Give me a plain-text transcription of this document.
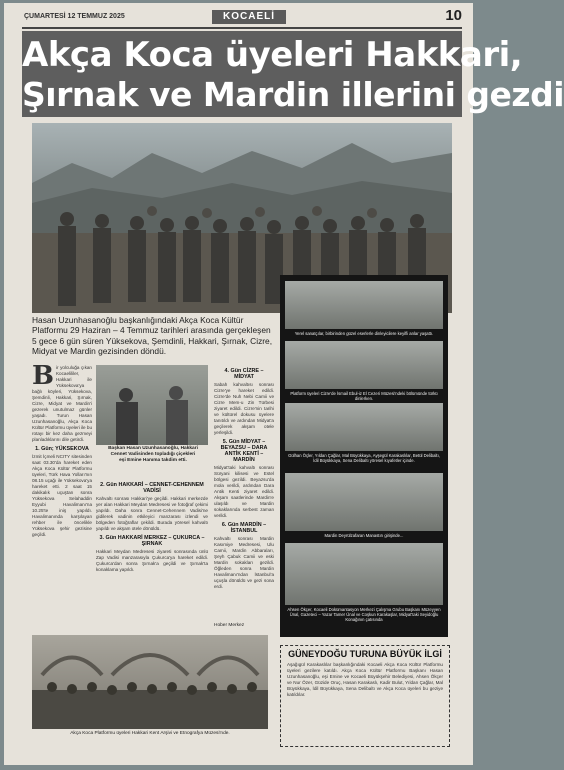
ÇUMARTESİ 12 TEMMUZ 2025	KOCAELİ	10
Akça Koca üyeleri Hakkari,
Şırnak ve Mardin illerini gezdi
Hasan Uzunhasanoğlu başkanlığındaki Akça Koca Kültür Platformu 29 Haziran – 4 Temmuz tarihleri arasında gerçekleşen 5 gece 6 gün süren Yüksekova, Şemdinli, Hakkari, Şırnak, Cizre, Midyat ve Mardin gezisinden döndü.

Bir yolculuğa çıkan Kocaelililer, Hakkari ile Yüksekova'ya bağlı köyleri, Yüksekova, Şemdinli, Hakkari, Şırnak, Cizre, Midyat ve Mardin'i gezerek unutulmaz günler yaşadı. Turun Hasan Uzunhasanoğlu, Akça Koca Kültür Platformu üyeleri ile bu rotayı bir kez daha gezmeyi planladıklarını dile getirdi.

1. Gün; YÜKSEKOVA

İzmit İçmeli NCITY sitesinden saat 03.30'da hareket eden Akça Koca Kültür Platformu üyeleri, Türk Hava Yolları'nın 08.15 uçağı ile Yüksekova'ya hareket etti. 2 saat 15 dakikalık uçuştan sonra Yüksekova Selahaddin Eyyubi Havalimanı'na 10.25'te iniş yapıldı. Havalimanında karşılayan rehber ile öncelikle Yüksekova şehir gezisine geçildi.

Başkan Hasan Uzunhasanoğlu, Hakkari Cennet Vadisinden topladığı çiçekleri eşi Emine Hanıma takdim etti.
2. Gün HAKKARİ – CENNET-CEHENNEM VADİSİ

Kahvaltı sonrası Hakkari'ye geçildi. Hakkari merkezde yer alan Hakkari Meydan Medresesi ve fotoğraf çekimi yapıldı. Daha sonra Cennet-Cehennem Vadisi'ne gidilerek vadinin etkileyici manzarası izlendi ve bölgeden fotoğraflar çekildi. Burada yöresel kahvaltı yapıldı ve akşam otele dönüldü.

3. Gün HAKKARİ MERKEZ – ÇUKURCA – ŞIRNAK

Hakkari Meydan Medresesi ziyareti sonrasında ünlü Zap Vadisi manzarasıyla Çukurca'ya hareket edildi. Çukurca'dan sonra Şırnak'a geçildi ve Şırnak'ta konaklama yapıldı.

4. Gün CİZRE – MİDYAT

Sabah kahvaltısı sonrası Cizre'ye hareket edildi. Cizre'de Nuh Nebi Camii ve Cizre Mem-u Zin Türbesi ziyaret edildi. Cizre'nin tarihi ve kültürel dokusu üyelere tanıtıldı ve ardından Midyat'a geçilerek akşam otele yerleşildi.

5. Gün MİDYAT – BEYAZSU – DARA ANTİK KENTİ – MARDİN

Midyat'taki kahvaltı sonrası Süryani kilisesi ve Estel bölgesi gezildi. Beyazsu'da mola verildi, ardından Dara Antik Kenti ziyaret edildi. Akşam saatlerinde Mardin'e ulaşıldı ve Mardin sokaklarında serbest zaman verildi.

6. Gün MARDİN – İSTANBUL

Kahvaltı sonrası Mardin Kasımiye Medresesi, Ulu Camii, Mardin Abbaraları, Şeyh Çabuk Camii ve eski Mardin sokakları gezildi. Öğleden sonra Mardin Havalimanı'ndan İstanbul'a uçuşla dönüldü ve gezi sona erdi.

Hober Merkez
Yerel sanatçılar, birbirinden güzel eserlerle dinleyicilere keyifli anlar yaşattı.
Platform üyeleri Cizre'de İsmail Ebul-iz El Cezeri Müzesi'ndeki bölümünde türkü dinlerken.
Gülhan Öçler, Yıldan Çağlar, Mal Büyükkaya, Ayşegül Karakaslılar, Betül Delibaltı, İdil Büyükkaya, Sena Delibaltı yöresel kıyafetler içinde.
Mardin Deyrülzafaran Manastırı girişinde...
Ahsen Ökçer, Kocaeli Dokümantasyon Merkezi Çalışma Grubu Başkanı Müzeyyen Ünal, Gazeteci – Yazar Tamer Ünal ve Coşkun Karakaşlar, Midyat'taki Seyidoğlu Konağının çatısında
GÜNEYDOĞU TURUNA BÜYÜK İLGİ
Aşağıgül Karakaslılar başkanlığındaki Kocaeli Akça Koca Kültür Platformu üyeleri gezilere katıldı. Akça Koca Kültür Platformu Başkanı Hasan Uzunhasanoğlu, eşi Emine ve Kocaeli Büyükşehir Belediyesi, Ahsen Ökçer ve Nur Özer, Güzide Oruç, Hasan Karakaslı, Kadir Bulut, Yıldan Çağlar, Mal Büyükkaya, İdil Büyükkaya, Sena Delibaltı ve Akça Koca üyeleri bu geziye katıldılar.
Akça Koca Platformu üyeleri Hakkari Kent Arşivi ve Etnografya Müzesi'nde.
